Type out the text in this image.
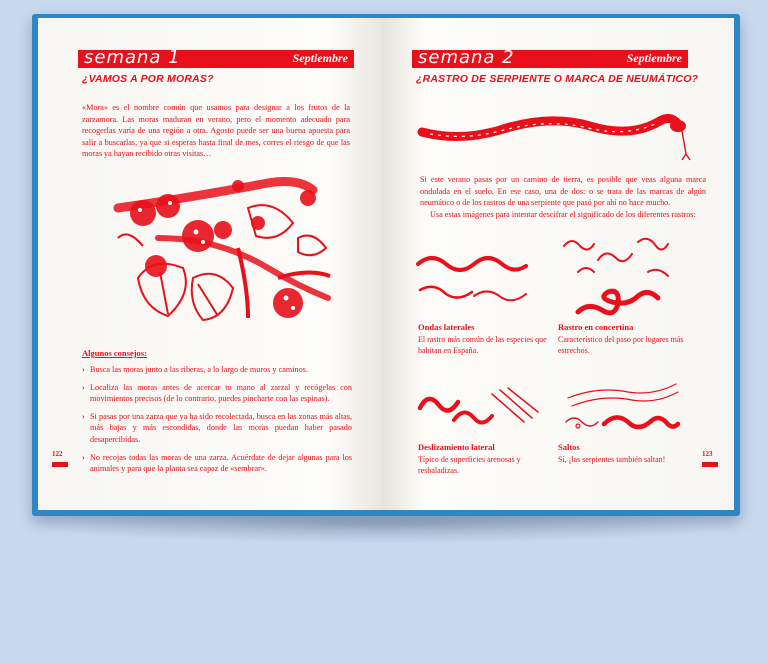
semana 1	Septiembre
¿VAMOS A POR MORAS?

«Mora» es el nombre común que usamos para designar a los frutos de la zarzamora. Las moras maduran en verano, pero el momento adecuado para recogerlas varía de una región a otra. Agosto puede ser una buena apuesta para salir a buscarlas, ya que si esperas hasta final de mes, corres el riesgo de que las moras ya hayan recibido otras visitas…

Algunos consejos:
› Busca las moras junto a las riberas, a lo largo de muros y caminos.
› Localiza las moras antes de acercar tu mano al zarzal y recógelas con movimientos precisos (de lo contrario, puedes pincharte con las espinas).
› Si pasas por una zarza que ya ha sido recolectada, busca en las zonas más altas, más bajas y más escondidas, donde las moras puedan haber pasado desapercibidas.
› No recojas todas las moras de una zarza. Acuérdate de dejar algunas para los animales y para que la planta sea capaz de «sembrar».
122
semana 2	Septiembre
¿RASTRO DE SERPIENTE O MARCA DE NEUMÁTICO?

Si este verano pasas por un camino de tierra, es posible que veas alguna marca ondulada en el suelo. En ese caso, una de dos: o se trata de las marcas de algún neumático o de los rastros de una serpiente que pasó por ahí no hace mucho.

Usa estas imágenes para intentar descifrar el significado de los diferentes rastros:

Ondas laterales
El rastro más común de las especies que habitan en España.
Rastro en concertina
Característico del paso por lugares más estrechos.
Deslizamiento lateral
Típico de superficies arenosas y resbaladizas.
Saltos
Sí, ¡las serpientes también saltan!
123
